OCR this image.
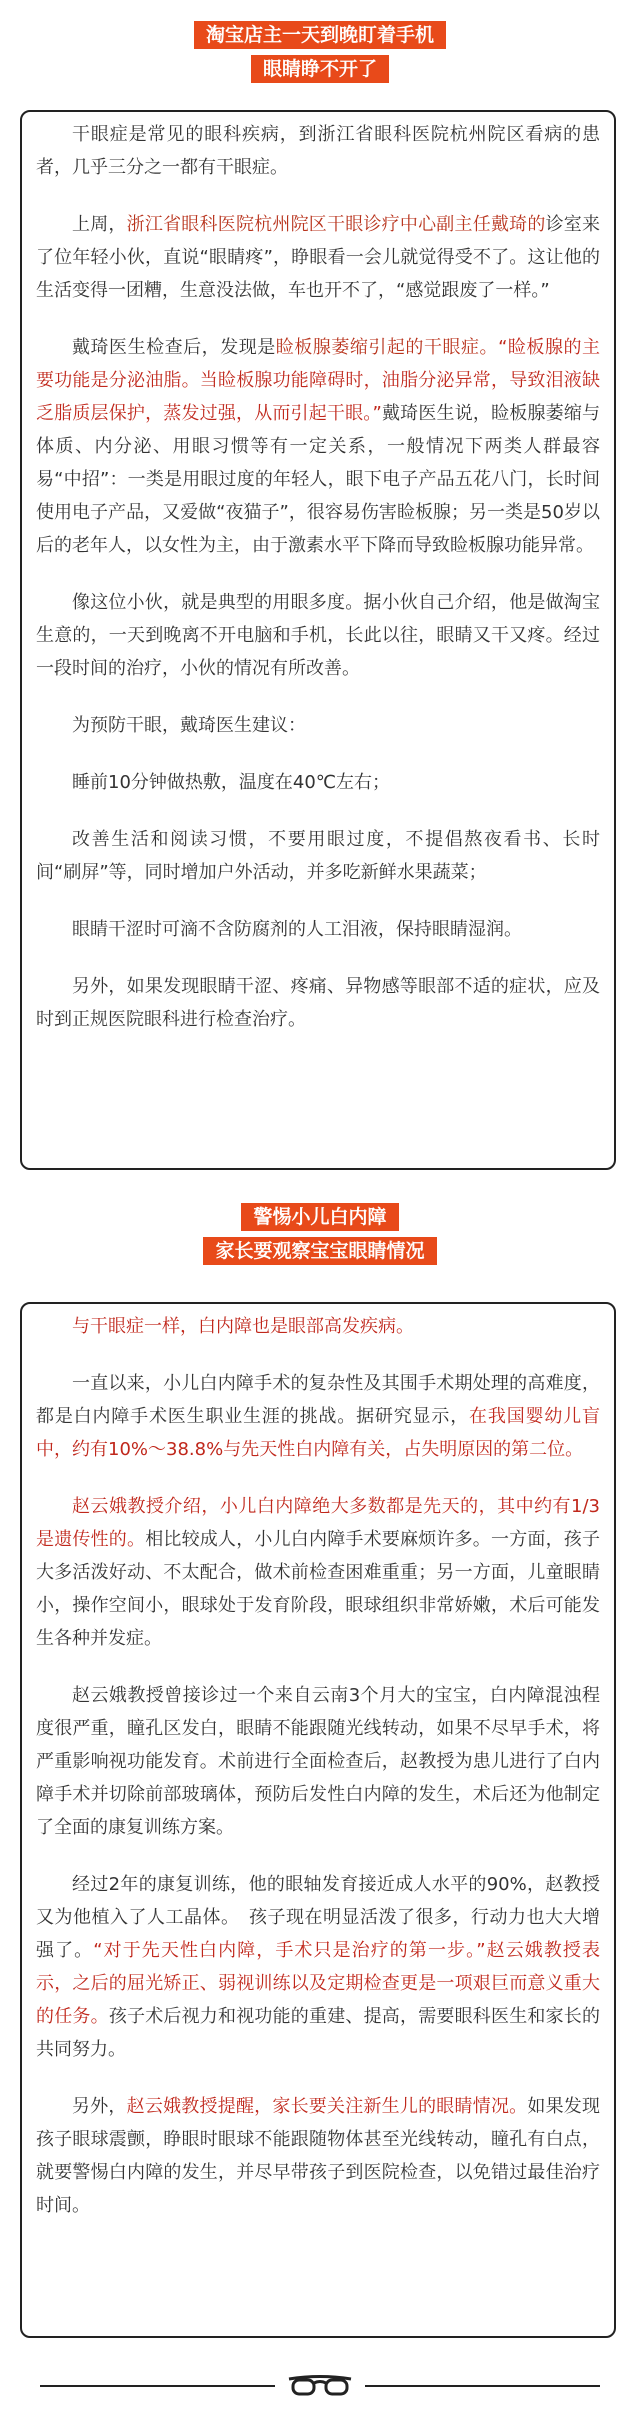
淘宝店主一天到晚盯着手机
眼睛睁不开了

干眼症是常见的眼科疾病，到浙江省眼科医院杭州院区看病的患者，几乎三分之一都有干眼症。

上周，浙江省眼科医院杭州院区干眼诊疗中心副主任戴琦的诊室来了位年轻小伙，直说“眼睛疼”，睁眼看一会儿就觉得受不了。这让他的生活变得一团糟，生意没法做，车也开不了，“感觉跟废了一样。”

戴琦医生检查后，发现是睑板腺萎缩引起的干眼症。“睑板腺的主要功能是分泌油脂。当睑板腺功能障碍时，油脂分泌异常，导致泪液缺乏脂质层保护，蒸发过强，从而引起干眼。”戴琦医生说，睑板腺萎缩与体质、内分泌、用眼习惯等有一定关系，一般情况下两类人群最容易“中招”：一类是用眼过度的年轻人，眼下电子产品五花八门，长时间使用电子产品，又爱做“夜猫子”，很容易伤害睑板腺；另一类是50岁以后的老年人，以女性为主，由于激素水平下降而导致睑板腺功能异常。

像这位小伙，就是典型的用眼多度。据小伙自己介绍，他是做淘宝生意的，一天到晚离不开电脑和手机，长此以往，眼睛又干又疼。经过一段时间的治疗，小伙的情况有所改善。

为预防干眼，戴琦医生建议：

睡前10分钟做热敷，温度在40℃左右；

改善生活和阅读习惯，不要用眼过度，不提倡熬夜看书、长时间“刷屏”等，同时增加户外活动，并多吃新鲜水果蔬菜；

眼睛干涩时可滴不含防腐剂的人工泪液，保持眼睛湿润。

另外，如果发现眼睛干涩、疼痛、异物感等眼部不适的症状，应及时到正规医院眼科进行检查治疗。

警惕小儿白内障
家长要观察宝宝眼睛情况

与干眼症一样，白内障也是眼部高发疾病。

一直以来，小儿白内障手术的复杂性及其围手术期处理的高难度，都是白内障手术医生职业生涯的挑战。据研究显示，在我国婴幼儿盲中，约有10%～38.8%与先天性白内障有关，占失明原因的第二位。

赵云娥教授介绍，小儿白内障绝大多数都是先天的，其中约有1/3是遗传性的。相比较成人，小儿白内障手术要麻烦许多。一方面，孩子大多活泼好动、不太配合，做术前检查困难重重；另一方面，儿童眼睛小，操作空间小，眼球处于发育阶段，眼球组织非常娇嫩，术后可能发生各种并发症。

赵云娥教授曾接诊过一个来自云南3个月大的宝宝，白内障混浊程度很严重，瞳孔区发白，眼睛不能跟随光线转动，如果不尽早手术，将严重影响视功能发育。术前进行全面检查后，赵教授为患儿进行了白内障手术并切除前部玻璃体，预防后发性白内障的发生，术后还为他制定了全面的康复训练方案。

经过2年的康复训练，他的眼轴发育接近成人水平的90%，赵教授又为他植入了人工晶体。　孩子现在明显活泼了很多，行动力也大大增强了。“对于先天性白内障，手术只是治疗的第一步。”赵云娥教授表示，之后的屈光矫正、弱视训练以及定期检查更是一项艰巨而意义重大的任务。孩子术后视力和视功能的重建、提高，需要眼科医生和家长的共同努力。

另外，赵云娥教授提醒，家长要关注新生儿的眼睛情况。如果发现孩子眼球震颤，睁眼时眼球不能跟随物体甚至光线转动，瞳孔有白点，就要警惕白内障的发生，并尽早带孩子到医院检查，以免错过最佳治疗时间。
